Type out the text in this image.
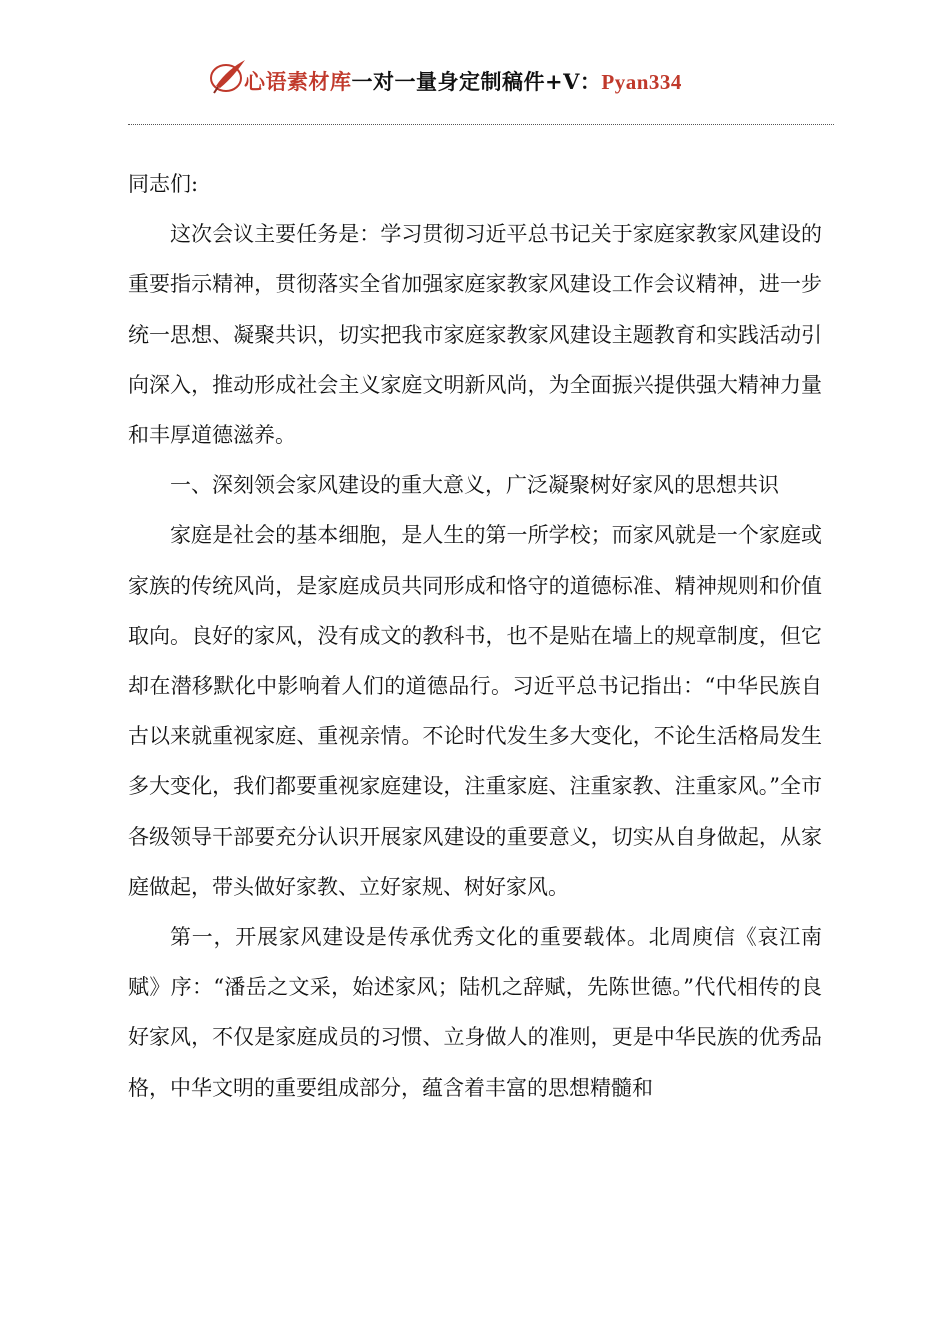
心语素材库一对一量身定制稿件+V：Pyan334

同志们:

这次会议主要任务是：学习贯彻习近平总书记关于家庭家教家风建设的重要指示精神，贯彻落实全省加强家庭家教家风建设工作会议精神，进一步统一思想、凝聚共识，切实把我市家庭家教家风建设主题教育和实践活动引向深入，推动形成社会主义家庭文明新风尚，为全面振兴提供强大精神力量和丰厚道德滋养。

一、深刻领会家风建设的重大意义，广泛凝聚树好家风的思想共识

家庭是社会的基本细胞，是人生的第一所学校；而家风就是一个家庭或家族的传统风尚，是家庭成员共同形成和恪守的道德标准、精神规则和价值取向。良好的家风，没有成文的教科书，也不是贴在墙上的规章制度，但它却在潜移默化中影响着人们的道德品行。习近平总书记指出：“中华民族自古以来就重视家庭、重视亲情。不论时代发生多大变化，不论生活格局发生多大变化，我们都要重视家庭建设，注重家庭、注重家教、注重家风。”全市各级领导干部要充分认识开展家风建设的重要意义，切实从自身做起，从家庭做起，带头做好家教、立好家规、树好家风。

第一，开展家风建设是传承优秀文化的重要载体。北周庾信《哀江南赋》序：“潘岳之文采，始述家风；陆机之辞赋，先陈世德。”代代相传的良好家风，不仅是家庭成员的习惯、立身做人的准则，更是中华民族的优秀品格，中华文明的重要组成部分，蕴含着丰富的思想精髓和
